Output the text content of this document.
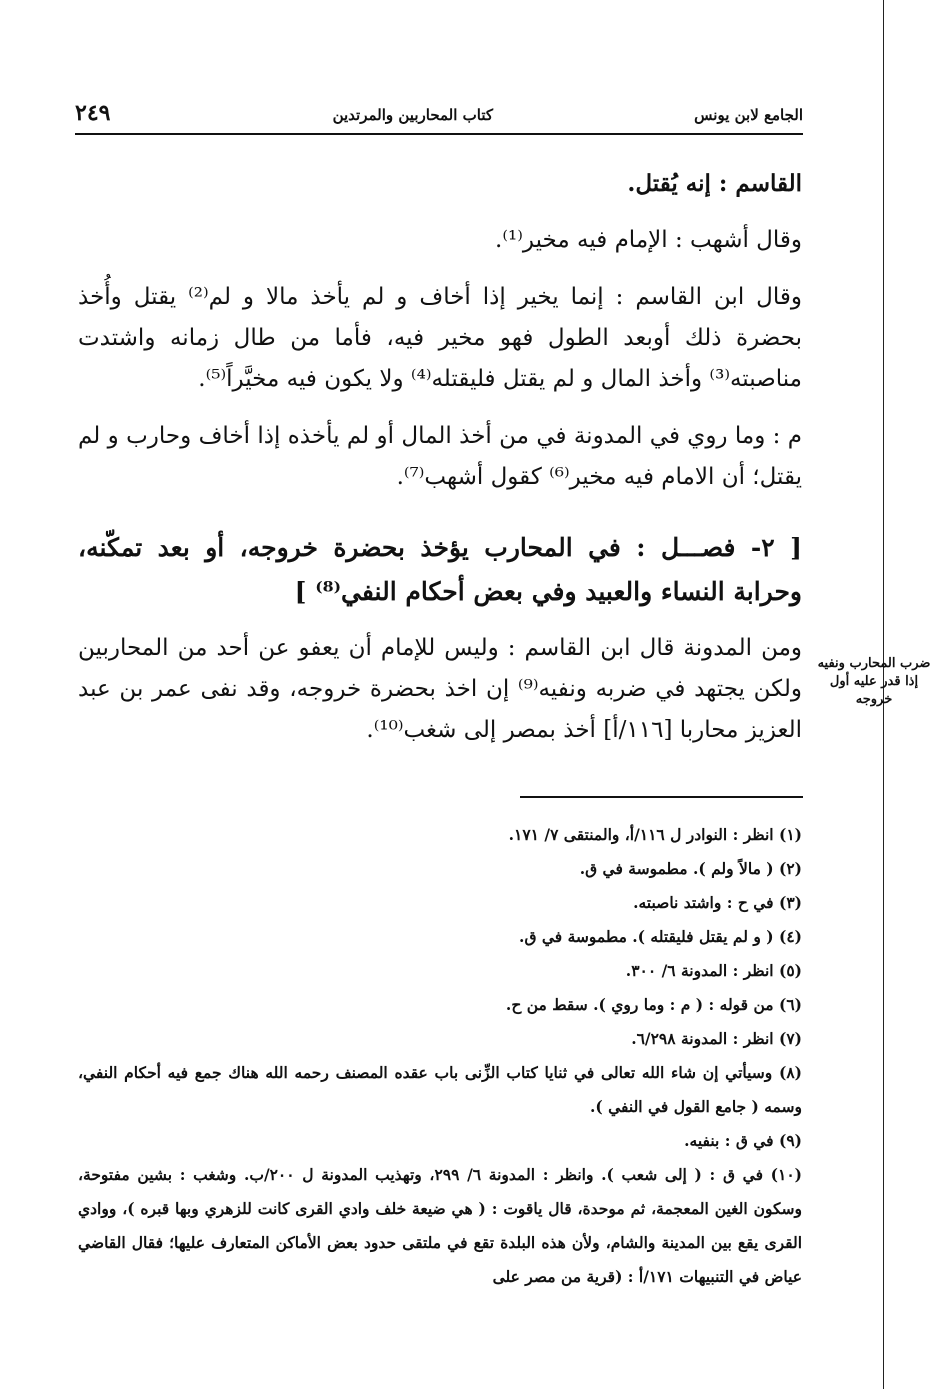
الجامع لابن يونس
كتاب المحاربين والمرتدين
٢٤٩

القاسم : إنه يُقتل.

وقال أشهب : الإمام فيه مخير⁽¹⁾.

وقال ابن القاسم : إنما يخير إذا أخاف و لم يأخذ مالا و لم⁽²⁾ يقتل وأُخذ بحضرة ذلك أوبعد الطول فهو مخير فيه، فأما من طال زمانه واشتدت مناصبته⁽³⁾ وأخذ المال و لم يقتل فليقتله⁽⁴⁾ ولا يكون فيه مخيَّراً⁽⁵⁾.

م : وما روي في المدونة في من أخذ المال أو لم يأخذه إذا أخاف وحارب و لم يقتل؛ أن الامام فيه مخير⁽⁶⁾ كقول أشهب⁽⁷⁾.

[ ٢- فصـــل : في المحارب يؤخذ بحضرة خروجه، أو بعد تمكّنه، وحرابة النساء والعبيد وفي بعض أحكام النفي⁽⁸⁾ ]

ومن المدونة قال ابن القاسم : وليس للإمام أن يعفو عن أحد من المحاربين ولكن يجتهد في ضربه ونفيه⁽⁹⁾ إن اخذ بحضرة خروجه، وقد نفى عمر بن عبد العزيز محاربا [١١٦/أ] أخذ بمصر إلى شغب⁽¹⁰⁾.

ضرب المحارب ونفيه إذا قدر عليه أول خروجه

(١) انظر : النوادر ل ١١٦/أ، والمنتقى ٧/ ١٧١.

(٢) ( مالاً ولم ). مطموسة في ق.

(٣) في ح : واشتد ناصبته.

(٤) ( و لم يقتل فليقتله ). مطموسة في ق.

(٥) انظر : المدونة ٦/ ٣٠٠.

(٦) من قوله : ( م : وما روي ). سقط من ح.

(٧) انظر : المدونة ٦/٢٩٨.

(٨) وسيأتي إن شاء الله تعالى في ثنايا كتاب الزِّنى باب عقده المصنف رحمه الله هناك جمع فيه أحكام النفي، وسمه ( جامع القول في النفي ).

(٩) في ق : بنفيه.

(١٠) في ق : ( إلى شعب ). وانظر : المدونة ٦/ ٢٩٩، وتهذيب المدونة ل ٢٠٠/ب. وشغب : بشين مفتوحة، وسكون الغين المعجمة، ثم موحدة، قال ياقوت : ( هي ضيعة خلف وادي القرى كانت للزهري وبها قبره )، ووادي القرى يقع بين المدينة والشام، ولأن هذه البلدة تقع في ملتقى حدود بعض الأماكن المتعارف عليها؛ فقال القاضي عياض في التنبيهات ١٧١/أ : (قرية من مصر على
